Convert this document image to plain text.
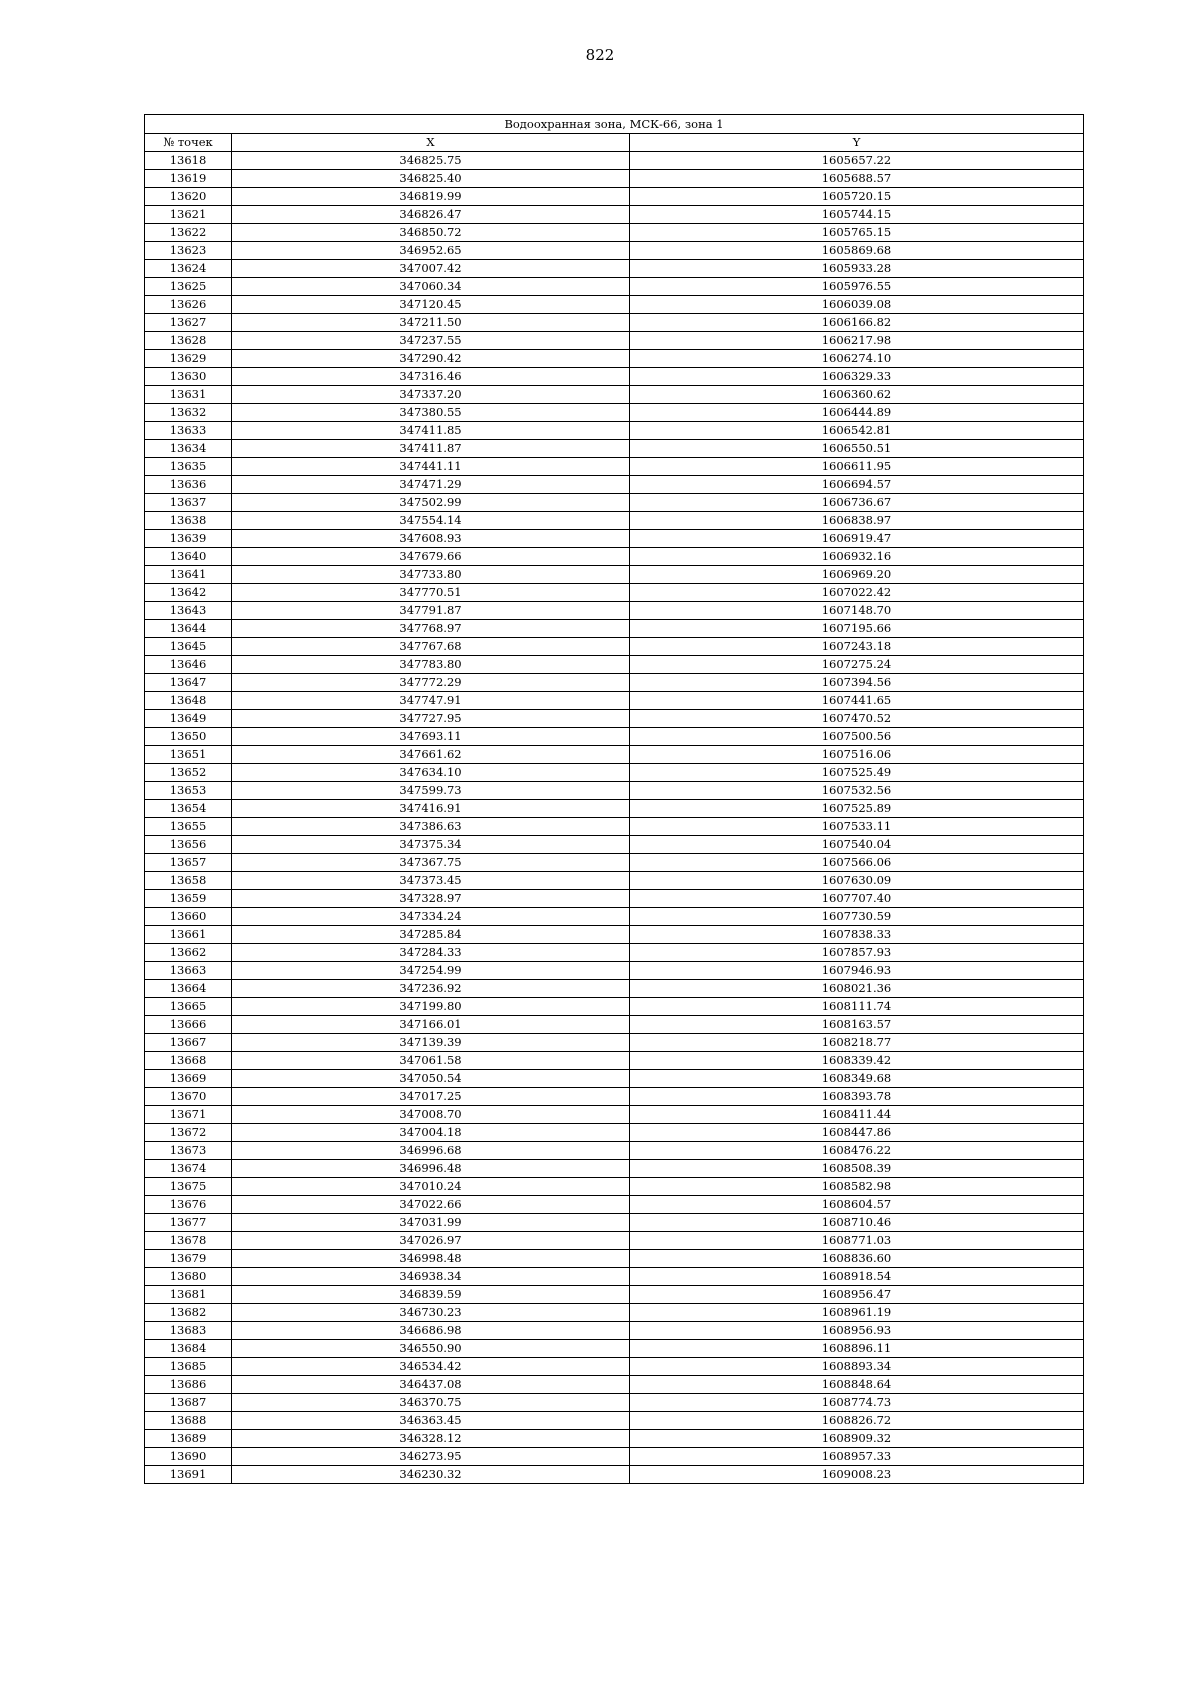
822
Водоохранная зона, МСК-66, зона 1		
№ точек	X	Y
13618	346825.75	1605657.22
13619	346825.40	1605688.57
13620	346819.99	1605720.15
13621	346826.47	1605744.15
13622	346850.72	1605765.15
13623	346952.65	1605869.68
13624	347007.42	1605933.28
13625	347060.34	1605976.55
13626	347120.45	1606039.08
13627	347211.50	1606166.82
13628	347237.55	1606217.98
13629	347290.42	1606274.10
13630	347316.46	1606329.33
13631	347337.20	1606360.62
13632	347380.55	1606444.89
13633	347411.85	1606542.81
13634	347411.87	1606550.51
13635	347441.11	1606611.95
13636	347471.29	1606694.57
13637	347502.99	1606736.67
13638	347554.14	1606838.97
13639	347608.93	1606919.47
13640	347679.66	1606932.16
13641	347733.80	1606969.20
13642	347770.51	1607022.42
13643	347791.87	1607148.70
13644	347768.97	1607195.66
13645	347767.68	1607243.18
13646	347783.80	1607275.24
13647	347772.29	1607394.56
13648	347747.91	1607441.65
13649	347727.95	1607470.52
13650	347693.11	1607500.56
13651	347661.62	1607516.06
13652	347634.10	1607525.49
13653	347599.73	1607532.56
13654	347416.91	1607525.89
13655	347386.63	1607533.11
13656	347375.34	1607540.04
13657	347367.75	1607566.06
13658	347373.45	1607630.09
13659	347328.97	1607707.40
13660	347334.24	1607730.59
13661	347285.84	1607838.33
13662	347284.33	1607857.93
13663	347254.99	1607946.93
13664	347236.92	1608021.36
13665	347199.80	1608111.74
13666	347166.01	1608163.57
13667	347139.39	1608218.77
13668	347061.58	1608339.42
13669	347050.54	1608349.68
13670	347017.25	1608393.78
13671	347008.70	1608411.44
13672	347004.18	1608447.86
13673	346996.68	1608476.22
13674	346996.48	1608508.39
13675	347010.24	1608582.98
13676	347022.66	1608604.57
13677	347031.99	1608710.46
13678	347026.97	1608771.03
13679	346998.48	1608836.60
13680	346938.34	1608918.54
13681	346839.59	1608956.47
13682	346730.23	1608961.19
13683	346686.98	1608956.93
13684	346550.90	1608896.11
13685	346534.42	1608893.34
13686	346437.08	1608848.64
13687	346370.75	1608774.73
13688	346363.45	1608826.72
13689	346328.12	1608909.32
13690	346273.95	1608957.33
13691	346230.32	1609008.23
